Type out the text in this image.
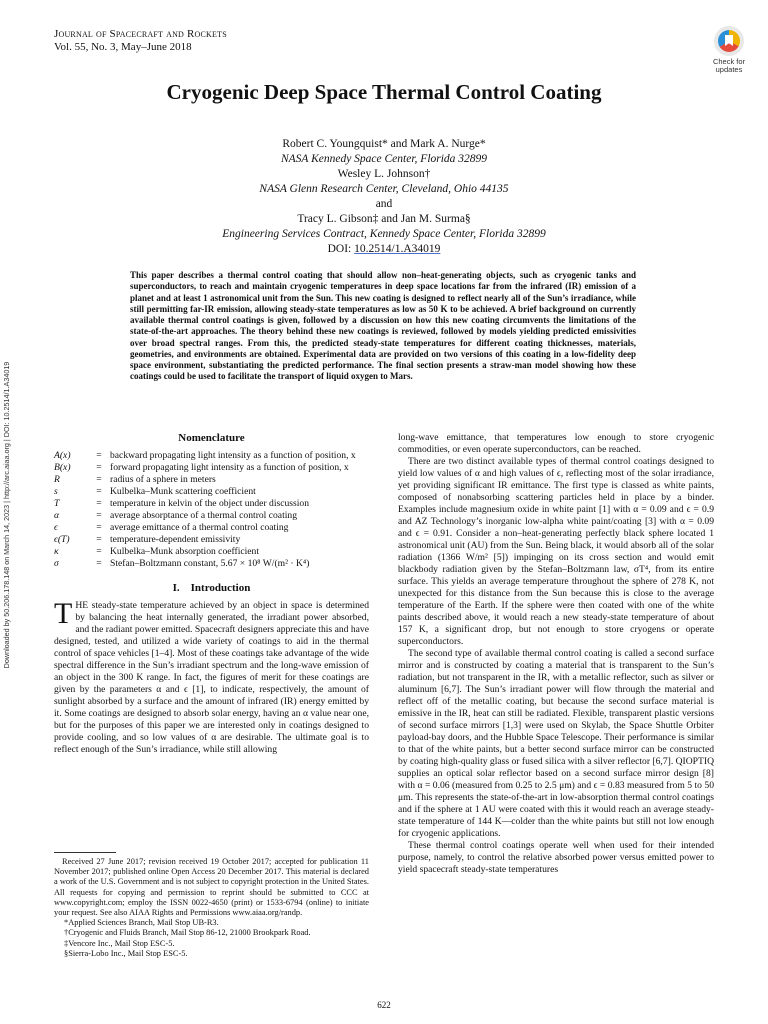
Journal of Spacecraft and Rockets
Vol. 55, No. 3, May–June 2018
Check for
updates
Cryogenic Deep Space Thermal Control Coating
Robert C. Youngquist* and Mark A. Nurge*
NASA Kennedy Space Center, Florida 32899
Wesley L. Johnson†
NASA Glenn Research Center, Cleveland, Ohio 44135
and
Tracy L. Gibson‡ and Jan M. Surma§
Engineering Services Contract, Kennedy Space Center, Florida 32899
DOI: 10.2514/1.A34019
This paper describes a thermal control coating that should allow non–heat-generating objects, such as cryogenic tanks and superconductors, to reach and maintain cryogenic temperatures in deep space locations far from the infrared (IR) emission of a planet and at least 1 astronomical unit from the Sun. This new coating is designed to reflect nearly all of the Sun’s irradiance, while still permitting far-IR emission, allowing steady-state temperatures as low as 50 K to be achieved. A brief background on currently available thermal control coatings is given, followed by a discussion on how this new coating circumvents the limitations of the state-of-the-art approaches. The theory behind these new coatings is reviewed, followed by models yielding predicted emissivities over broad spectral ranges. From this, the predicted steady-state temperatures for different coating thicknesses, materials, geometries, and environments are obtained. Experimental data are provided on two versions of this coating in a low-fidelity deep space environment, substantiating the predicted performance. The final section presents a straw-man model showing how these coatings could be used to facilitate the transport of liquid oxygen to Mars.
Downloaded by 50.206.178.148 on March 14, 2023 | http://arc.aiaa.org | DOI: 10.2514/1.A34019	Nomenclature
A(x)	=	backward propagating light intensity as a function of position, x
B(x)	=	forward propagating light intensity as a function of position, x
R	=	radius of a sphere in meters
s	=	Kulbelka–Munk scattering coefficient
T	=	temperature in kelvin of the object under discussion
α	=	average absorptance of a thermal control coating
ϵ	=	average emittance of a thermal control coating
ϵ(T)	=	temperature-dependent emissivity
κ	=	Kulbelka–Munk absorption coefficient
σ	=	Stefan–Boltzmann constant, 5.67 × 10⁸ W/(m² · K⁴)
I. Introduction

THE steady-state temperature achieved by an object in space is determined by balancing the heat internally generated, the irradiant power absorbed, and the radiant power emitted. Spacecraft designers appreciate this and have designed, tested, and utilized a wide variety of coatings to aid in the thermal control of space vehicles [1–4]. Most of these coatings take advantage of the wide spectral difference in the Sun’s irradiant spectrum and the long-wave emission of an object in the 300 K range. In fact, the figures of merit for these coatings are given by the parameters α and ϵ [1], to indicate, respectively, the amount of sunlight absorbed by a surface and the amount of infrared (IR) energy emitted by it. Some coatings are designed to absorb solar energy, having an α value near one, but for the purposes of this paper we are interested only in coatings designed to provide cooling, and so low values of α are desirable. The ultimate goal is to reflect enough of the Sun’s irradiance, while still allowing

long-wave emittance, that temperatures low enough to store cryogenic commodities, or even operate superconductors, can be reached.

There are two distinct available types of thermal control coatings designed to yield low values of α and high values of ϵ, reflecting most of the solar irradiance, yet providing significant IR emittance. The first type is classed as white paints, composed of nonabsorbing scattering particles held in place by a binder. Examples include magnesium oxide in white paint [1] with α = 0.09 and ϵ = 0.9 and AZ Technology’s inorganic low-alpha white paint/coating [3] with α = 0.09 and ϵ = 0.91. Consider a non–heat-generating perfectly black sphere located 1 astronomical unit (AU) from the Sun. Being black, it would absorb all of the solar radiation (1366 W/m² [5]) impinging on its cross section and would emit blackbody radiation given by the Stefan–Boltzmann law, σT⁴, from its entire surface. This yields an average temperature throughout the sphere of 278 K, not unexpected for this distance from the Sun because this is close to the average temperature of the Earth. If the sphere were then coated with one of the white paints described above, it would reach a new steady-state temperature of about 157 K, a significant drop, but not enough to store cryogens or operate superconductors.

The second type of available thermal control coating is called a second surface mirror and is constructed by coating a material that is transparent to the Sun’s radiation, but not transparent in the IR, with a metallic reflector, such as silver or aluminum [6,7]. The Sun’s irradiant power will flow through the material and reflect off of the metallic coating, but because the second surface material is emissive in the IR, heat can still be radiated. Flexible, transparent plastic versions of second surface mirrors [1,3] were used on Skylab, the Space Shuttle Orbiter payload-bay doors, and the Hubble Space Telescope. Their performance is similar to that of the white paints, but a better second surface mirror can be constructed by coating high-quality glass or fused silica with a silver reflector [6,7]. QIOPTIQ supplies an optical solar reflector based on a second surface mirror design [8] with α = 0.06 (measured from 0.25 to 2.5 μm) and ϵ = 0.83 measured from 5 to 50 μm. This represents the state-of-the-art in low-absorption thermal control coatings and if the sphere at 1 AU were coated with this it would reach an average steady-state temperature of 144 K—colder than the white paints but still not low enough for cryogenic applications.

These thermal control coatings operate well when used for their intended purpose, namely, to control the relative absorbed power versus emitted power to yield spacecraft steady-state temperatures

Received 27 June 2017; revision received 19 October 2017; accepted for publication 11 November 2017; published online Open Access 20 December 2017. This material is declared a work of the U.S. Government and is not subject to copyright protection in the United States. All requests for copying and permission to reprint should be submitted to CCC at www.copyright.com; employ the ISSN 0022-4650 (print) or 1533-6794 (online) to initiate your request. See also AIAA Rights and Permissions www.aiaa.org/randp.

*Applied Sciences Branch, Mail Stop UB-R3.

†Cryogenic and Fluids Branch, Mail Stop 86-12, 21000 Brookpark Road.

‡Vencore Inc., Mail Stop ESC-5.

§Sierra-Lobo Inc., Mail Stop ESC-5.

622
